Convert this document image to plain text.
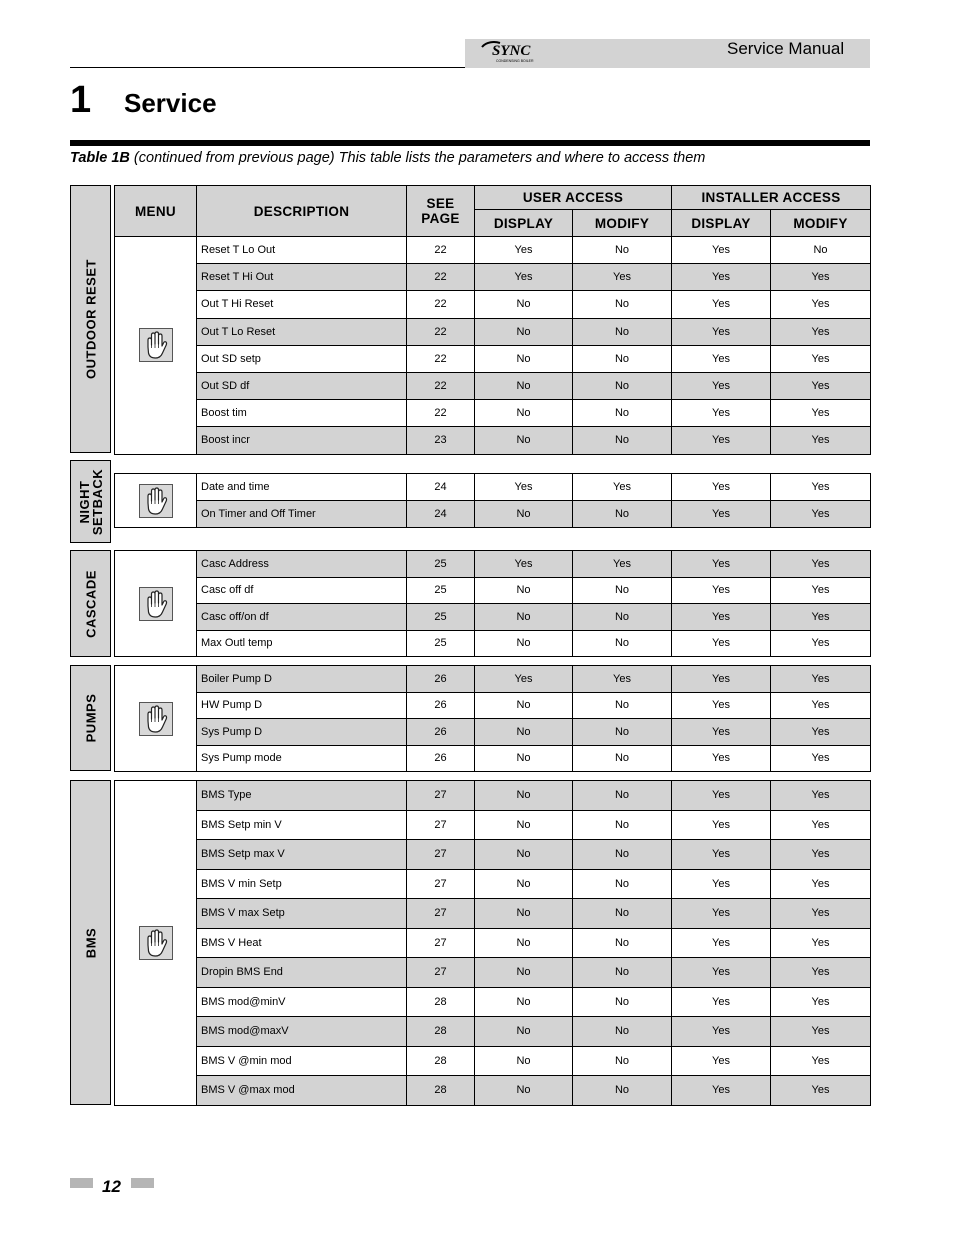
SYNC
CONDENSING BOILER
Service Manual
1 Service
Table 1B (continued from previous page) This table lists the parameters and where to access them
OUTDOOR RESET
NIGHT
SETBACK
CASCADE
PUMPS
BMS
MENU	DESCRIPTION	SEE PAGE	USER ACCESS		INSTALLER ACCESS	
			DISPLAY	MODIFY	DISPLAY	MODIFY
	Reset T Lo Out	22	Yes	No	Yes	No
	Reset T Hi Out	22	Yes	Yes	Yes	Yes
	Out T Hi Reset	22	No	No	Yes	Yes
	Out T Lo Reset	22	No	No	Yes	Yes
	Out SD setp	22	No	No	Yes	Yes
	Out SD df	22	No	No	Yes	Yes
	Boost tim	22	No	No	Yes	Yes
	Boost incr	23	No	No	Yes	Yes
	Date and time	24	Yes	Yes	Yes	Yes
	On Timer and Off Timer	24	No	No	Yes	Yes
	Casc Address	25	Yes	Yes	Yes	Yes
	Casc off df	25	No	No	Yes	Yes
	Casc off/on df	25	No	No	Yes	Yes
	Max Outl temp	25	No	No	Yes	Yes
	Boiler Pump D	26	Yes	Yes	Yes	Yes
	HW Pump D	26	No	No	Yes	Yes
	Sys Pump D	26	No	No	Yes	Yes
	Sys Pump mode	26	No	No	Yes	Yes
	BMS Type	27	No	No	Yes	Yes
	BMS Setp min V	27	No	No	Yes	Yes
	BMS Setp max V	27	No	No	Yes	Yes
	BMS V min Setp	27	No	No	Yes	Yes
	BMS V max Setp	27	No	No	Yes	Yes
	BMS V Heat	27	No	No	Yes	Yes
	Dropin BMS End	27	No	No	Yes	Yes
	BMS mod@minV	28	No	No	Yes	Yes
	BMS mod@maxV	28	No	No	Yes	Yes
	BMS V @min mod	28	No	No	Yes	Yes
	BMS V @max mod	28	No	No	Yes	Yes
12
